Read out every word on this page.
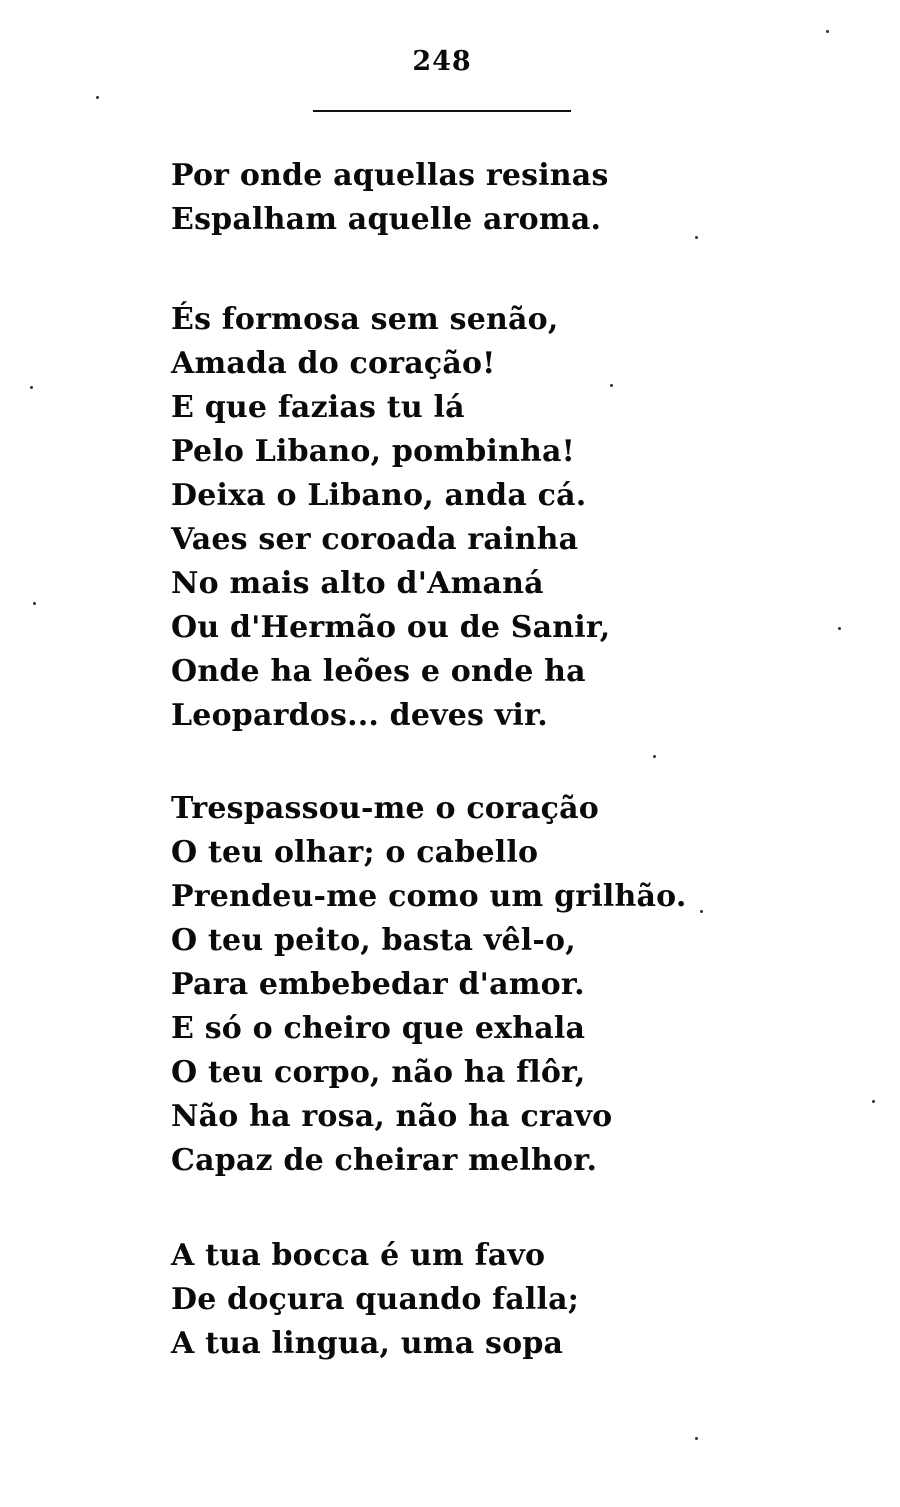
248
Por onde aquellas resinas
Espalham aquelle aroma.
És formosa sem senão,
Amada do coração!
E que fazias tu lá
Pelo Libano, pombinha!
Deixa o Libano, anda cá.
Vaes ser coroada rainha
No mais alto d'Amaná
Ou d'Hermão ou de Sanir,
Onde ha leões e onde ha
Leopardos... deves vir.
Trespassou-me o coração
O teu olhar; o cabello
Prendeu-me como um grilhão.
O teu peito, basta vêl-o,
Para embebedar d'amor.
E só o cheiro que exhala
O teu corpo, não ha flôr,
Não ha rosa, não ha cravo
Capaz de cheirar melhor.
A tua bocca é um favo
De doçura quando falla;
A tua lingua, uma sopa
